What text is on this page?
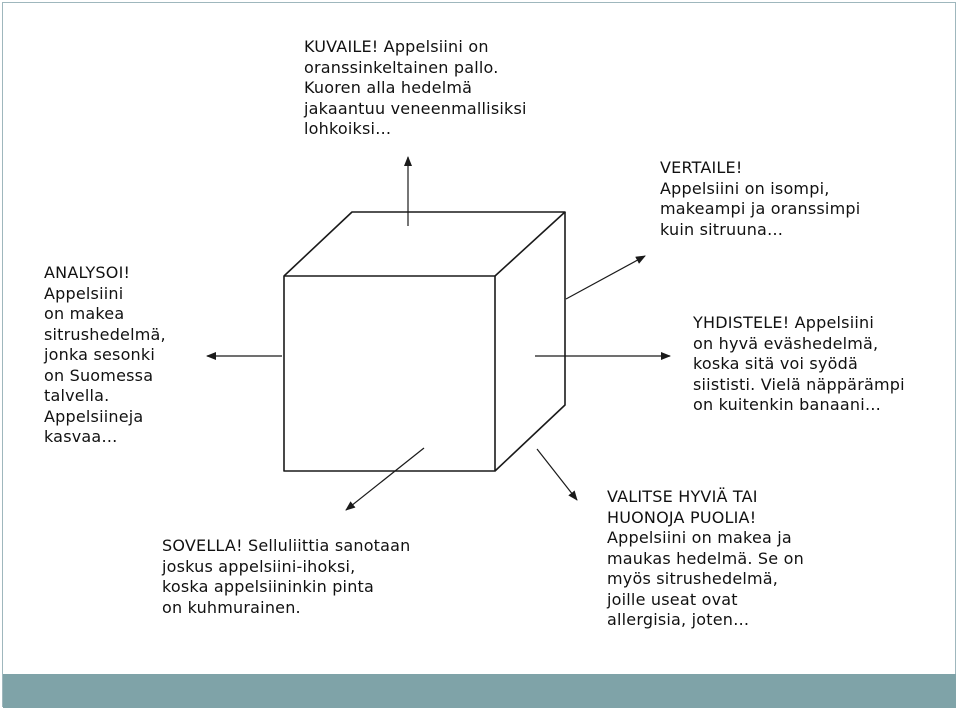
KUVAILE! Appelsiini on
oranssinkeltainen pallo.
Kuoren alla hedelmä
jakaantuu veneenmallisiksi
lohkoiksi…
VERTAILE!
Appelsiini on isompi,
makeampi ja oranssimpi
kuin sitruuna…
ANALYSOI!
Appelsiini
on makea
sitrushedelmä,
jonka sesonki
on Suomessa
talvella.
Appelsiineja
kasvaa…
YHDISTELE! Appelsiini
on hyvä eväshedelmä,
koska sitä voi syödä
siististi. Vielä näppärämpi
on kuitenkin banaani…
VALITSE HYVIÄ TAI
HUONOJA PUOLIA!
Appelsiini on makea ja
maukas hedelmä. Se on
myös sitrushedelmä,
joille useat ovat
allergisia, joten…
SOVELLA! Selluliittia sanotaan
joskus appelsiini-ihoksi,
koska appelsiininkin pinta
on kuhmurainen.
